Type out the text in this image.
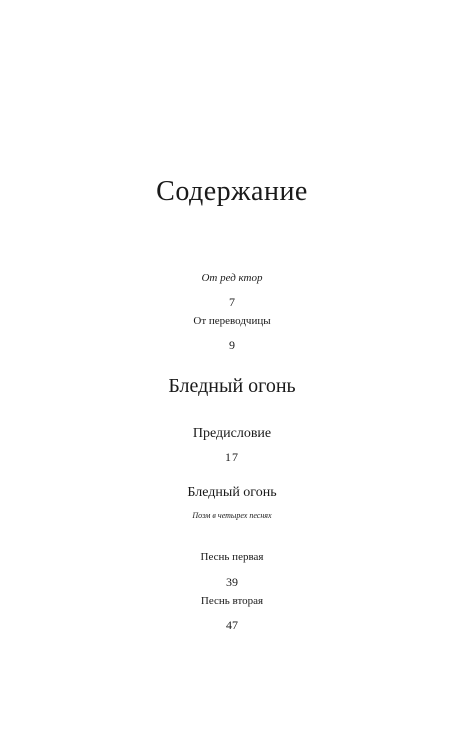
Содержание
От ред ктор
7
От переводчицы
9
Бледный огонь
Предисловие
17
Бледный огонь
Поэм в четырех песнях
Песнь первая
39
Песнь вторая
47
